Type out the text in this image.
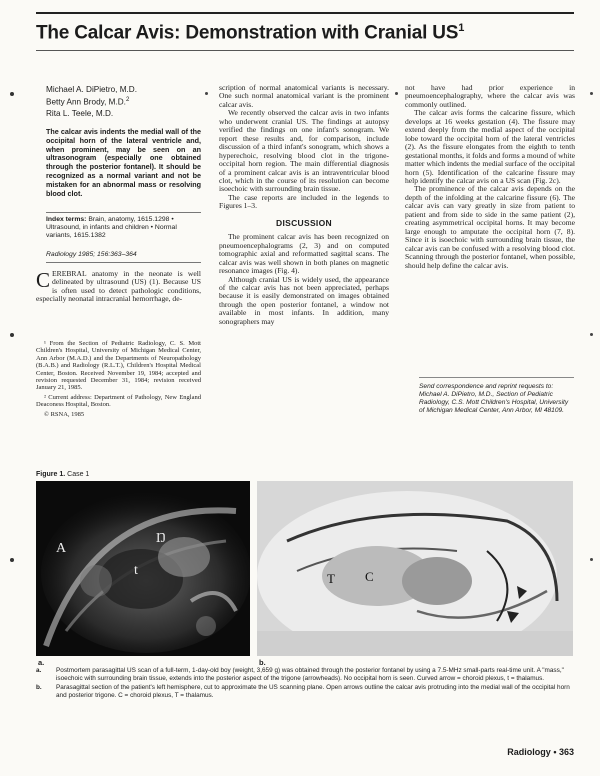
The Calcar Avis: Demonstration with Cranial $US^1$
Michael A. DiPietro, M.D.
Betty Ann Brody, M.D.$^2$
Rita L. Teele, M.D.
The calcar avis indents the medial wall of the occipital horn of the lateral ventricle and, when prominent, may be seen on an ultrasonogram (especially one obtained through the posterior fontanel). It should be recognized as a normal variant and not be mistaken for an abnormal mass or resolving blood clot.
Index terms: Brain, anatomy, 1615.1298 • Ultrasound, in infants and children • Normal variants, 1615.1382
Radiology 1985; 156:363–364

CEREBRAL anatomy in the neonate is well delineated by ultrasound (US) (1). Because US is often used to detect pathologic conditions, especially neonatal intracranial hemorrhage, de-

¹ From the Section of Pediatric Radiology, C. S. Mott Children's Hospital, University of Michigan Medical Center, Ann Arbor (M.A.D.) and the Departments of Neuropathology (B.A.B.) and Radiology (R.L.T.), Children's Hospital Medical Center, Boston. Received November 19, 1984; accepted and revision requested December 31, 1984; revision received January 21, 1985.

² Current address: Department of Pathology, New England Deaconess Hospital, Boston.

© RSNA, 1985

scription of normal anatomical variants is necessary. One such normal anatomical variant is the prominent calcar avis.

We recently observed the calcar avis in two infants who underwent cranial US. The findings at autopsy verified the findings on one infant's sonogram. We report these results and, for comparison, include discussion of a third infant's sonogram, which shows a hyperechoic, resolving blood clot in the trigone-occipital horn region. The main differential diagnosis of a prominent calcar avis is an intraventricular blood clot, which in the course of its resolution can become isoechoic with surrounding brain tissue.

The case reports are included in the legends to Figures 1–3.

DISCUSSION

The prominent calcar avis has been recognized on pneumoencephalograms (2, 3) and on computed tomographic axial and reformatted sagittal scans. The calcar avis was well shown in both planes on magnetic resonance images (Fig. 4).

Although cranial US is widely used, the appearance of the calcar avis has not been appreciated, perhaps because it is easily demonstrated on images obtained through the open posterior fontanel, a window not available in most infants. In addition, many sonographers may

not have had prior experience in pneumoencephalography, where the calcar avis was commonly outlined.

The calcar avis forms the calcarine fissure, which develops at 16 weeks gestation (4). The fissure may extend deeply from the medial aspect of the occipital lobe toward the occipital horn of the lateral ventricles (2). As the fissure elongates from the eighth to tenth gestational months, it folds and forms a mound of white matter which indents the medial surface of the occipital horn (5). Identification of the calcarine fissure may help identify the calcar avis on a US scan (Fig. 2c).

The prominence of the calcar avis depends on the depth of the infolding at the calcarine fissure (6). The calcar avis can vary greatly in size from patient to patient and from side to side in the same patient (2), creating asymmetrical occipital horns. It may become large enough to amputate the occipital horn (7, 8). Since it is isoechoic with surrounding brain tissue, the calcar avis can be confused with a resolving blood clot. Scanning through the posterior fontanel, when possible, should help define the calcar avis.

Send correspondence and reprint requests to: Michael A. DiPietro, M.D., Section of Pediatric Radiology, C.S. Mott Children's Hospital, University of Michigan Medical Center, Ann Arbor, MI 48109.
Figure 1. Case 1
A
t
Ŋ
T C
a.	b.
a.	Postmortem parasagittal US scan of a full-term, 1-day-old boy (weight, 3,659 g) was obtained through the posterior fontanel by using a 7.5-MHz small-parts real-time unit. A "mass," isoechoic with surrounding brain tissue, extends into the posterior aspect of the trigone (arrowheads). No occipital horn is seen. Curved arrow = choroid plexus, t = thalamus.
b.	Parasagittal section of the patient's left hemisphere, cut to approximate the US scanning plane. Open arrows outline the calcar avis protruding into the medial wall of the occipital horn and posterior trigone. C = choroid plexus, T = thalamus.
Radiology • 363
